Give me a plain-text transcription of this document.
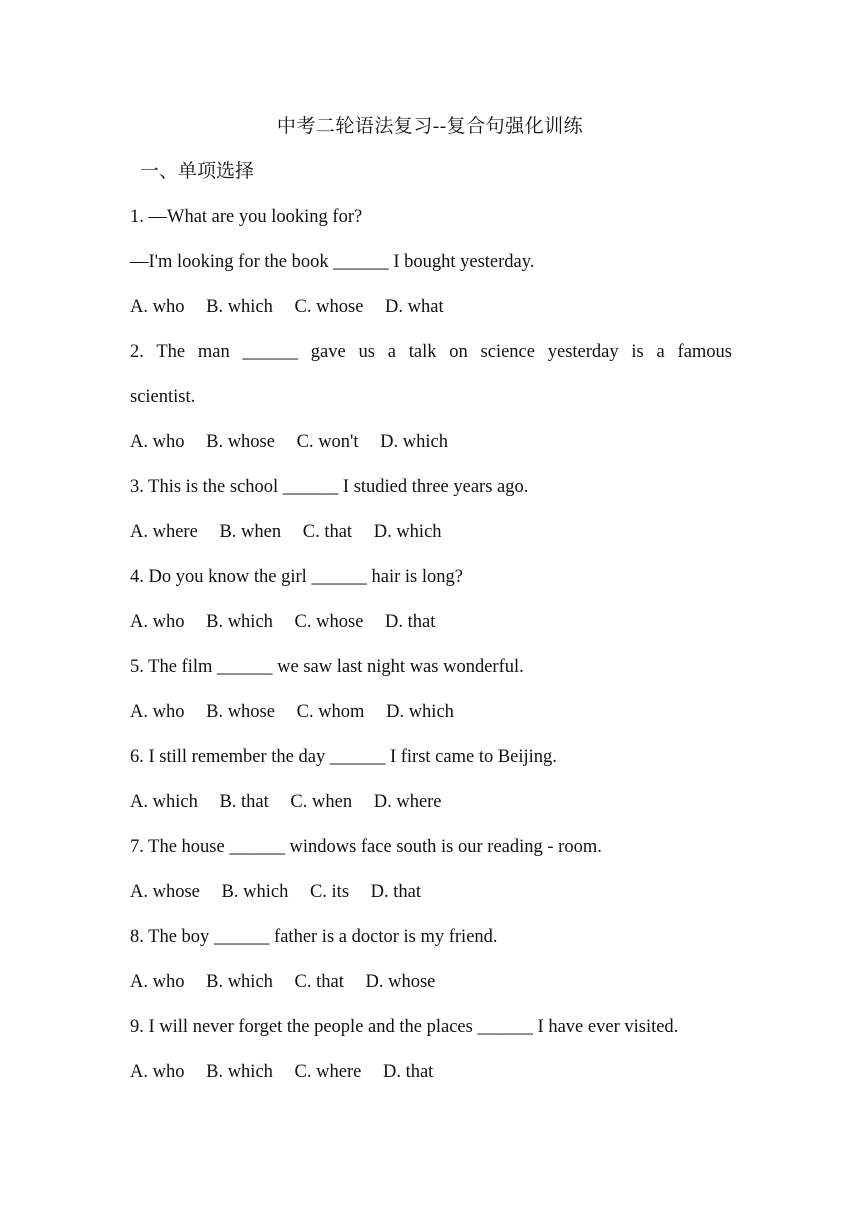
中考二轮语法复习--复合句强化训练
一、单项选择
1. —What are you looking for?
—I'm looking for the book ______ I bought yesterday.
A. who B. which C. whose D. what
2. The man ______ gave us a talk on science yesterday is a famous
scientist.
A. who B. whose C. won't D. which
3. This is the school ______ I studied three years ago.
A. where B. when C. that D. which
4. Do you know the girl ______ hair is long?
A. who B. which C. whose D. that
5. The film ______ we saw last night was wonderful.
A. who B. whose C. whom D. which
6. I still remember the day ______ I first came to Beijing.
A. which B. that C. when D. where
7. The house ______ windows face south is our reading - room.
A. whose B. which C. its D. that
8. The boy ______ father is a doctor is my friend.
A. who B. which C. that D. whose
9. I will never forget the people and the places ______ I have ever visited.
A. who B. which C. where D. that
